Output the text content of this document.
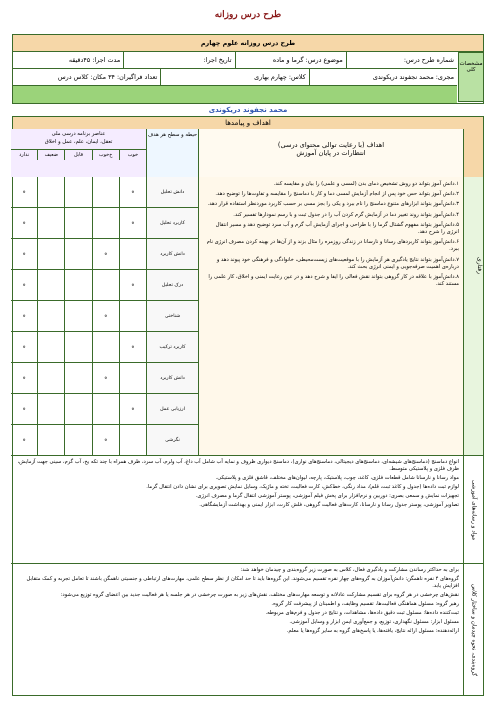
طرح درس روزانه
طرح درس روزانه علوم چهارم
شماره طرح درس:
موضوع درس: گرما و ماده
تاریخ اجرا:
مدت اجرا: ۴۵دقیقه
مجری: محمد نجفوند دریکوندی
کلاس: چهارم بهاری
تعداد فراگیران: ۳۴ مکان: کلاس درس
مشخصات کلی
محمد نجفوند دریکوندی
اهداف و پیامدها
اهداف (با رعایت توالی محتوای درسی)
انتظارات در پایان آموزش
حیطه و سطح هر هدف
عناصر برنامه درسی ملی
تعقل، ایمان، علم، عمل و اخلاق
خوب
خ‌خوب
قابل
ضعیف
ندارد
رفتاری

۱.دانش آموز بتواند دو روش تشخیص دمای بدن (لمسی و علمی) را بیان و مقایسه کند.

۲.دانش آموز بتواند حس خود پس از انجام آزمایش لمسی دما و کار با دماسنج را مقایسه و تفاوت‌ها را توضیح دهد.

۳.دانش‌آموز بتواند ابزارهای متنوع دماسنج را نام ببرد و یکی را بجز مسی بر حسب کاربرد موردنظر استفاده قرار دهد.

۴.دانش‌آموز بتواند روند تغییر دما در آزمایش گرم کردن آب را در جدول ثبت و با رسم نمودارها تفسیر کند.

۵.دانش‌آموز بتواند مفهوم گشتال گرما را با طراحی و اجرای آزمایش آب گرم و آب سرد توضیح دهد و مسیر انتقال انرژی را شرح دهد.

۶.دانش‌آموز بتواند کاربردهای رسانا و نارسانا در زندگی روزمره را مثال بزند و از آن‌ها در بهینه کردن مصرف انرژی نام ببرد.

۷.دانش‌آموز بتواند نتایج یادگیری هر آزمایش را با موقعیت‌های زیست‌محیطی، خانوادگی و فرهنگی خود پیوند دهد و درباره‌ی اهمیت صرفه‌جویی و ایمنی انرژی بحث کند.

۸.دانش‌آموز با علاقه در کار گروهی بتواند نقش فعالی را ایفا و شرح دهد و در عین رعایت ایمنی و اخلاق، کار علمی را مستند کند.

دانش تحلیل
کاربرد تحلیل
دانش کاربرد
درک تحلیل
شناختی
کاربرد ترکیب
دانش کاربرد
ارزیابی عمل
نگرشی
⚬
⚬
⚬
⚬
⚬
⚬
⚬
⚬
⚬
⚬
⚬
⚬
⚬
⚬
⚬
⚬
⚬
⚬
مواد و رسانه‌های آموزشی

انواع دماسنج (دماسنج‌های شیشه‌ای، دماسنج‌های دیجیتالی، دماسنج‌های نواری)، دماسنج دیواری ظروف و نمایه آب شامل آب داغ، آب ولرم، آب سرد، ظرف همراه با چند تکه یخ، آب گرم، سینی جهت آزمایش، ظرف فلزی و پلاستیکی متوسط.

مواد رسانا و نارسانا شامل قطعات فلزی، کاغذ، چوب، پلاستیک، پارچه، لیوان‌های مختلف، قاشق فلزی و پلاستیکی.

لوازم ثبت داده‌ها (جدول و کاغذ ثبت، قلم)، مداد رنگی، خط‌کش، کارت فعالیت، تخته و ماژیک، وسایل نمایش تصویری برای نشان دادن انتقال گرما.

تجهیزات نمایش و سمعی بصری: دوربین و نرم‌افزار برای پخش فیلم آموزشی، پوستر آموزشی انتقال گرما و مصرف انرژی.

تصاویر آموزشی، پوستر جدول رسانا و نارسانا، کارت‌های فعالیت گروهی، فلش کارت، ابزار ایمنی و بهداشت آزمایشگاهی.

گروه‌بندی، نحوه چیدمان و ساختار کلاس

برای به حداکثر رساندن مشارکت و یادگیری فعال، کلاس به صورت زیر گروه‌بندی و چیدمان خواهد شد:

گروه‌های ۴ نفره ناهمگن: دانش‌آموزان به گروه‌های چهار نفره تقسیم می‌شوند. این گروه‌ها باید تا حد امکان از نظر سطح علمی، مهارت‌های ارتباطی و جنسیتی ناهمگن باشند تا تعامل تجربه و کمک متقابل افزایش یابد.

نقش‌های چرخشی در هر گروه برای تقسیم مشارکت عادلانه و توسعه مهارت‌های مختلف، نقش‌های زیر به صورت چرخشی در هر جلسه یا هر فعالیت جدید بین اعضای گروه توزیع می‌شود:

رهبر گروه: مسئول هماهنگی فعالیت‌ها، تقسیم وظایف، و اطمینان از پیشرفت کار گروه.

ثبت‌کننده داده‌ها: مسئول ثبت دقیق داده‌ها، مشاهدات، و نتایج در جدول و فرم‌های مربوطه.

مسئول ابزار: مسئول نگهداری، توزیع، و جمع‌آوری ایمن ابزار و وسایل آموزشی.

ارائه‌دهنده: مسئول ارائه نتایج، یافته‌ها، یا پاسخ‌های گروه به سایر گروه‌ها یا معلم.
